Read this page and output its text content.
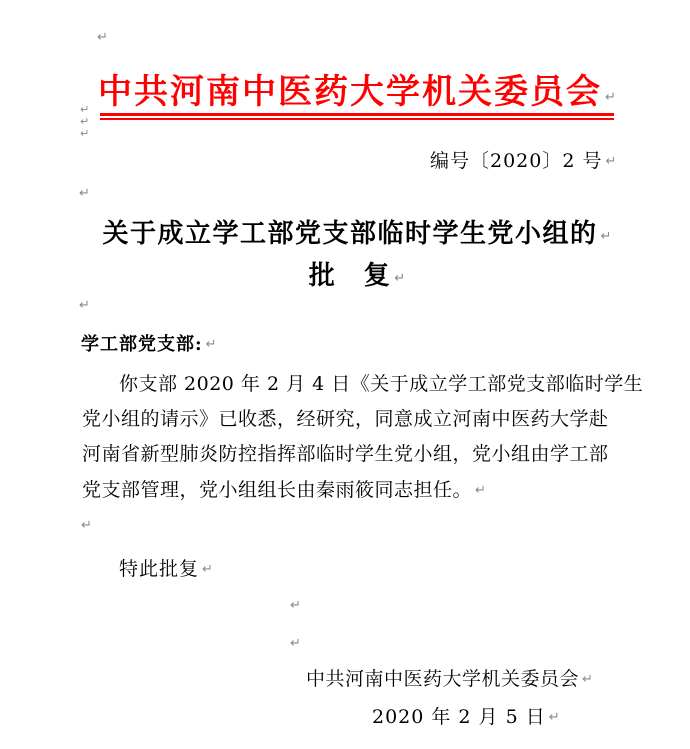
↵
中共河南中医药大学机关委员会 ↵
↵
↵
↵
编号〔2020〕2 号 ↵
↵
关于成立学工部党支部临时学生党小组的 ↵
批　复 ↵
↵
学工部党支部: ↵
你支部 2020 年 2 月 4 日《关于成立学工部党支部临时学生
党小组的请示》已收悉，经研究，同意成立河南中医药大学赴
河南省新型肺炎防控指挥部临时学生党小组，党小组由学工部
党支部管理，党小组组长由秦雨筱同志担任。 ↵
↵
特此批复 ↵
↵
↵
中共河南中医药大学机关委员会 ↵
2020 年 2 月 5 日 ↵
